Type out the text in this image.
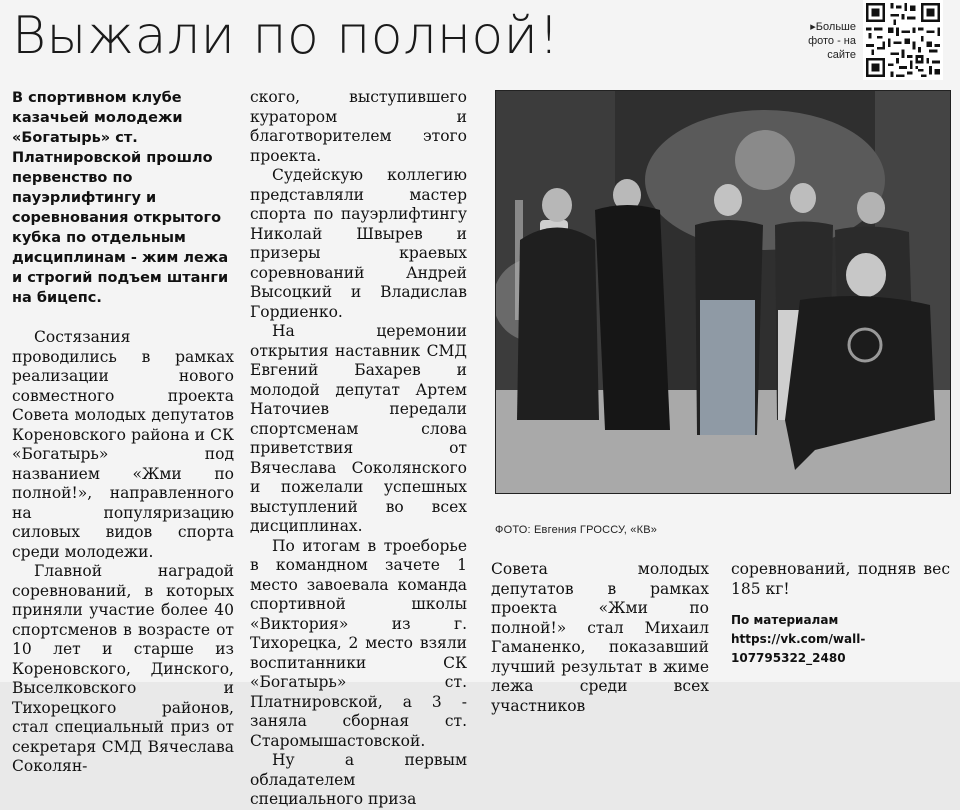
Выжали по полной!	▸Больше
фото - на
сайте

В спортивном клубе казачьей молодежи «Богатырь» ст. Платнировской прошло первенство по пауэрлифтингу и соревнования открытого кубка по отдельным дисциплинам - жим лежа и строгий подъем штанги на бицепс.

Состязания проводились в рамках реализации нового совместного проекта Совета молодых депутатов Кореновского района и СК «Богатырь» под названием «Жми по полной!», направленного на популяризацию силовых видов спорта среди молодежи.

Главной наградой соревнований, в которых приняли участие более 40 спортсменов в возрасте от 10 лет и старше из Кореновского, Динского, Выселковского и Тихорецкого районов, стал специальный приз от секретаря СМД Вячеслава Соколян-

ского, выступившего куратором и благотворителем этого проекта.

Судейскую коллегию представляли мастер спорта по пауэрлифтингу Николай Швырев и призеры краевых соревнований Андрей Высоцкий и Владислав Гордиенко.

На церемонии открытия наставник СМД Евгений Бахарев и молодой депутат Артем Наточиев передали спортсменам слова приветствия от Вячеслава Соколянского и пожелали успешных выступлений во всех дисциплинах.

По итогам в троеборье в командном зачете 1 место завоевала команда спортивной школы «Виктория» из г. Тихорецка, 2 место взяли воспитанники СК «Богатырь» ст. Платнировской, а 3 - заняла сборная ст. Старомышастовской.

Ну а первым обладателем специального приза

ФОТО: Евгения ГРОССУ, «КВ»

Совета молодых депутатов в рамках проекта «Жми по полной!» стал Михаил Гаманенко, показавший лучший результат в жиме лежа среди всех участников

соревнований, подняв вес 185 кг!

По материалам
https://vk.com/wall-
107795322_2480
